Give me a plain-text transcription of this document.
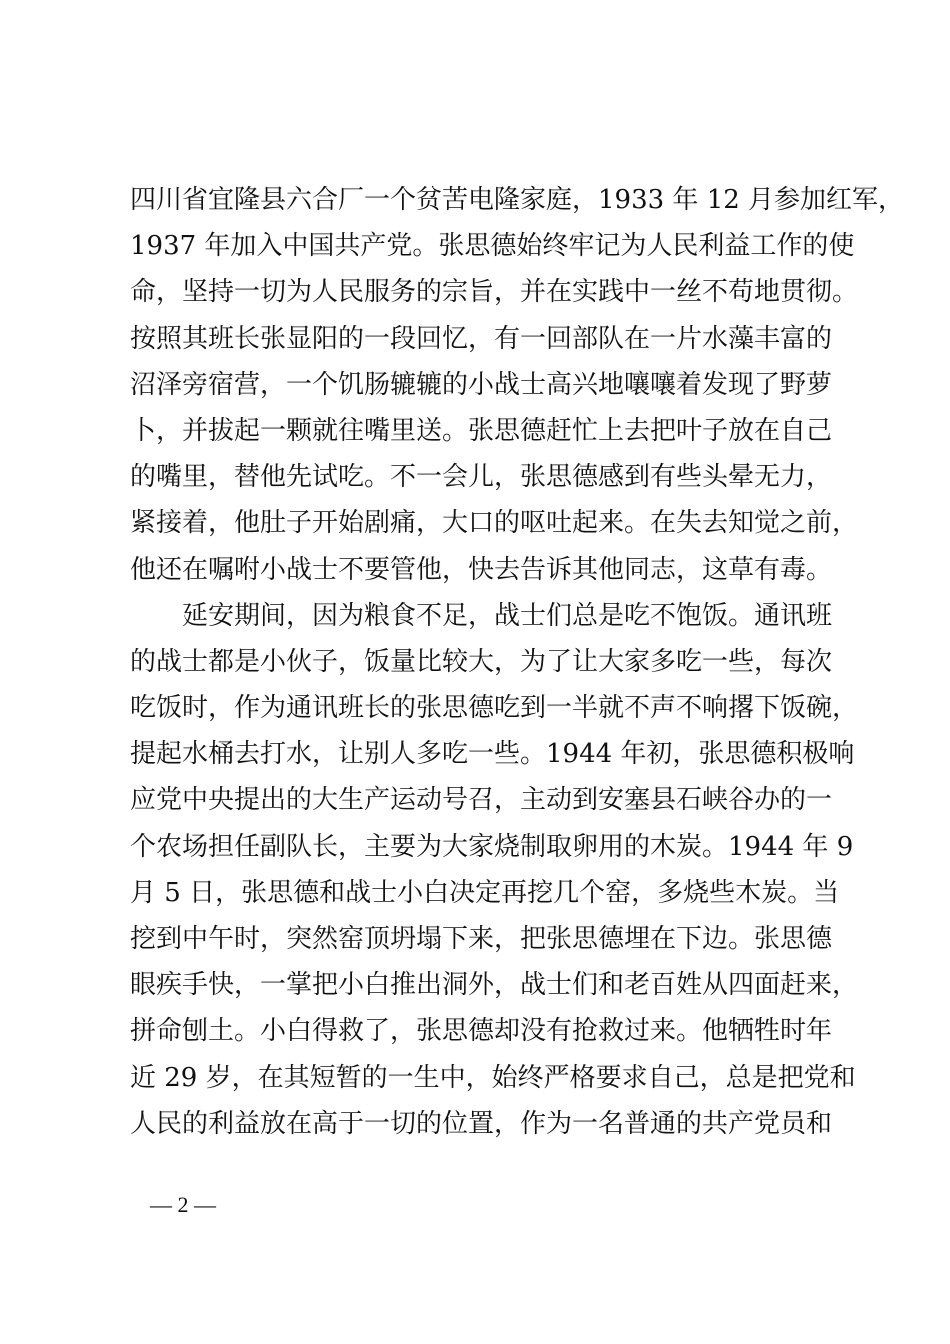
四川省宜隆县六合厂一个贫苦电隆家庭，1933 年 12 月参加红军，
1937 年加入中国共产党。张思德始终牢记为人民利益工作的使
命，坚持一切为人民服务的宗旨，并在实践中一丝不苟地贯彻。
按照其班长张显阳的一段回忆，有一回部队在一片水藻丰富的
沼泽旁宿营，一个饥肠辘辘的小战士高兴地嚷嚷着发现了野萝
卜，并拔起一颗就往嘴里送。张思德赶忙上去把叶子放在自己
的嘴里，替他先试吃。不一会儿，张思德感到有些头晕无力，
紧接着，他肚子开始剧痛，大口的呕吐起来。在失去知觉之前，
他还在嘱咐小战士不要管他，快去告诉其他同志，这草有毒。
延安期间，因为粮食不足，战士们总是吃不饱饭。通讯班
的战士都是小伙子，饭量比较大，为了让大家多吃一些，每次
吃饭时，作为通讯班长的张思德吃到一半就不声不响撂下饭碗，
提起水桶去打水，让别人多吃一些。1944 年初，张思德积极响
应党中央提出的大生产运动号召，主动到安塞县石峡谷办的一
个农场担任副队长，主要为大家烧制取卵用的木炭。1944 年 9
月 5 日，张思德和战士小白决定再挖几个窑，多烧些木炭。当
挖到中午时，突然窑顶坍塌下来，把张思德埋在下边。张思德
眼疾手快，一掌把小白推出洞外，战士们和老百姓从四面赶来，
拼命刨土。小白得救了，张思德却没有抢救过来。他牺牲时年
近 29 岁，在其短暂的一生中，始终严格要求自己，总是把党和
人民的利益放在高于一切的位置，作为一名普通的共产党员和
— 2 —
